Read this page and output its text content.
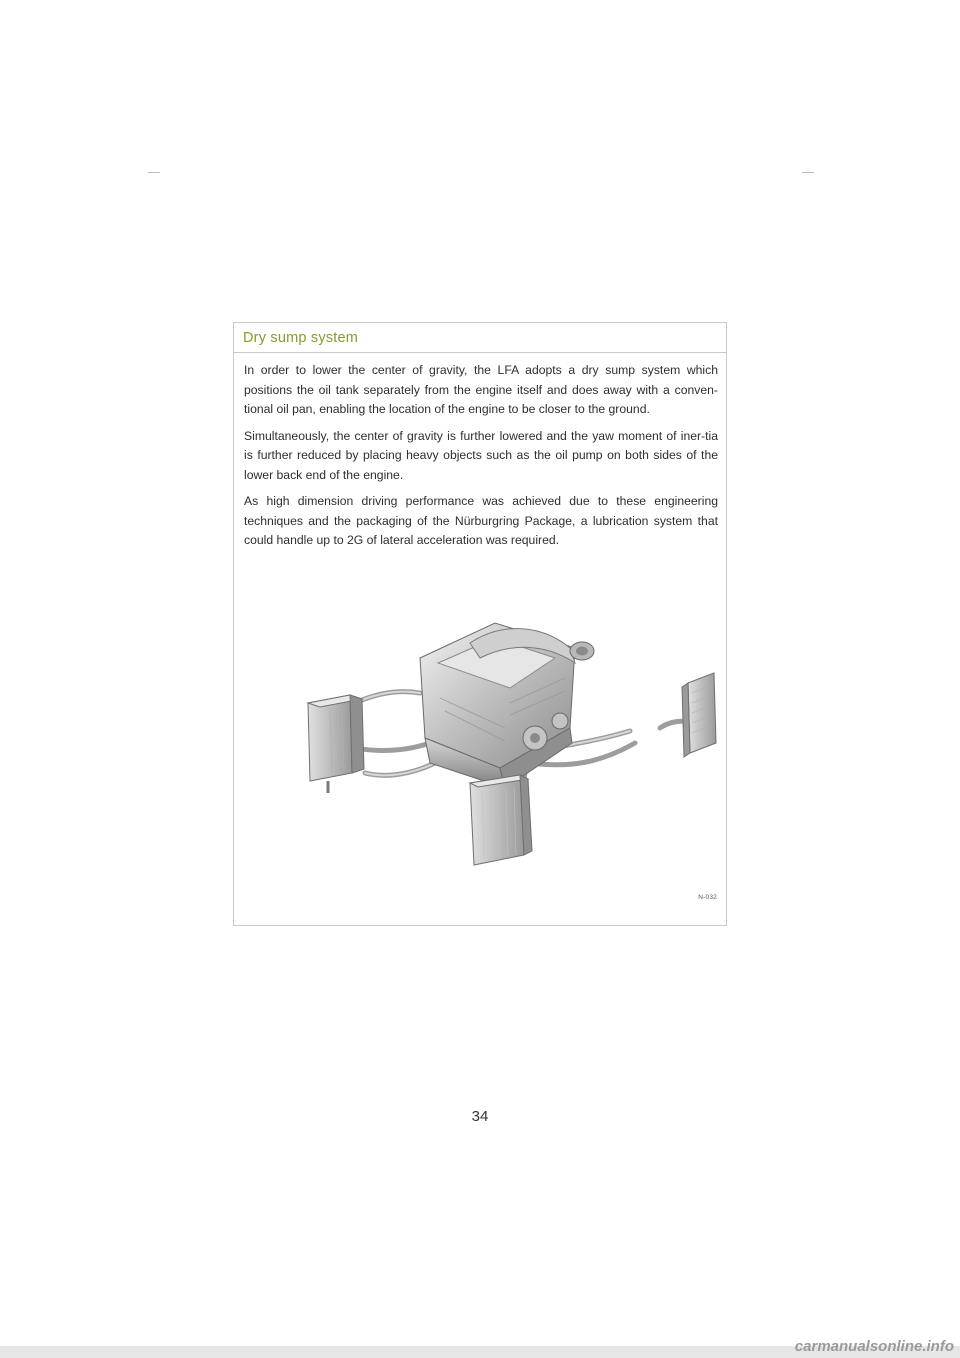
Dry sump system

In order to lower the center of gravity, the LFA adopts a dry sump system which positions the oil tank separately from the engine itself and does away with a conven-tional oil pan, enabling the location of the engine to be closer to the ground.

Simultaneously, the center of gravity is further lowered and the yaw moment of iner-tia is further reduced by placing heavy objects such as the oil pump on both sides of the lower back end of the engine.

As high dimension driving performance was achieved due to these engineering techniques and the packaging of the Nürburgring Package, a lubrication system that could handle up to 2G of lateral acceleration was required.

N-032
34
carmanualsonline.info
